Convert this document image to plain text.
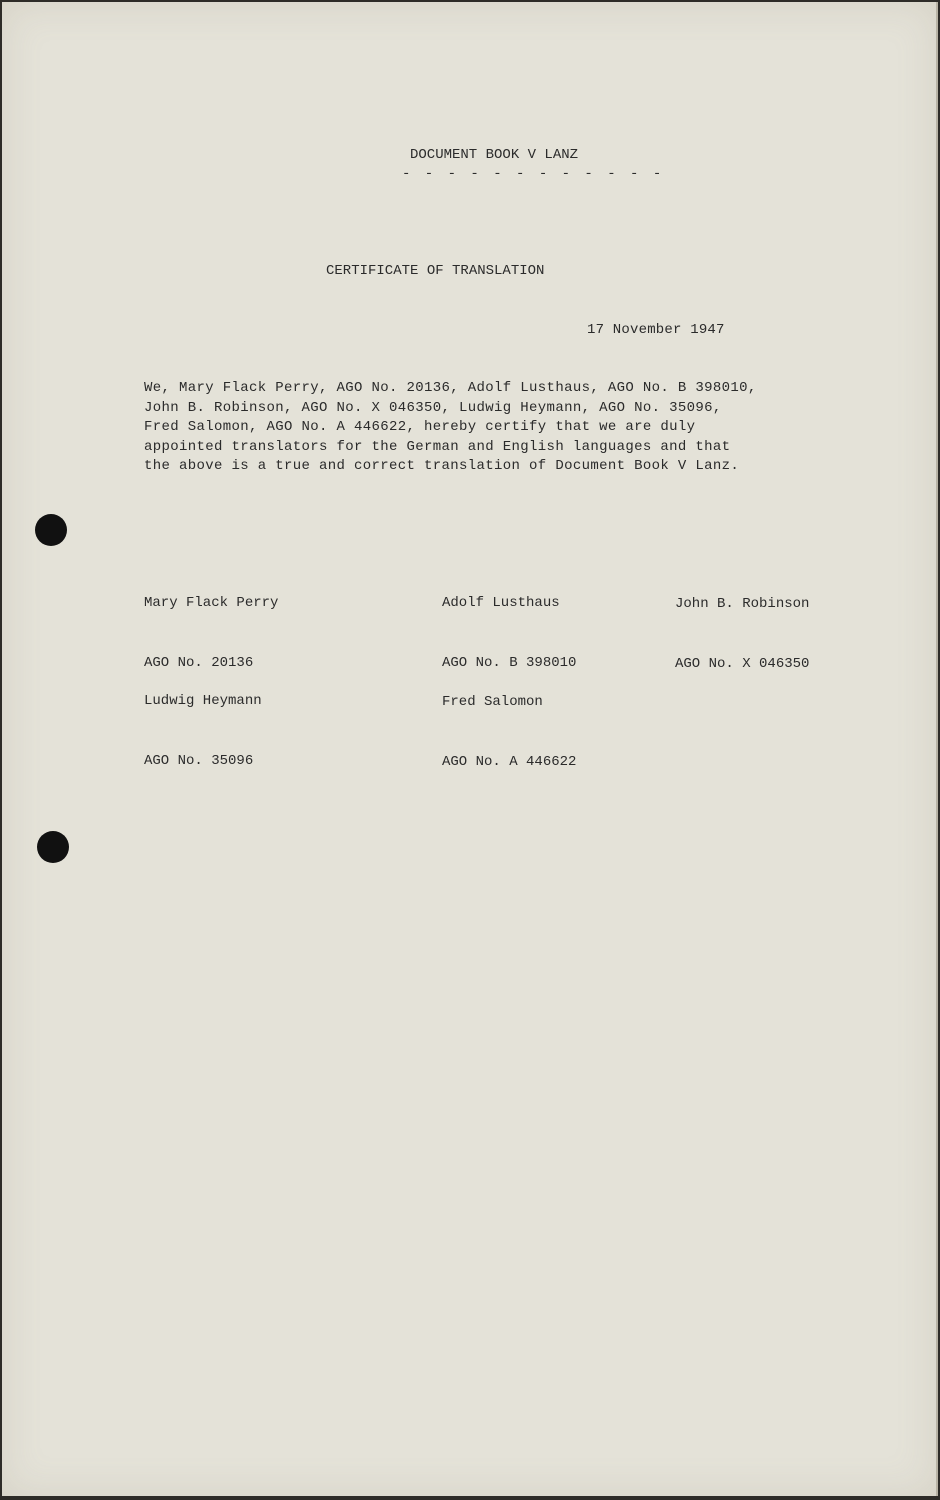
DOCUMENT BOOK V LANZ
- - - - - - - - - - - -
CERTIFICATE OF TRANSLATION
17 November 1947
We, Mary Flack Perry, AGO No. 20136, Adolf Lusthaus, AGO No. B 398010,
John B. Robinson, AGO No. X 046350, Ludwig Heymann, AGO No. 35096,
Fred Salomon, AGO No. A 446622, hereby certify that we are duly
appointed translators for the German and English languages and that
the above is a true and correct translation of Document Book V Lanz.

Mary Flack Perry

AGO No. 20136

Adolf Lusthaus

AGO No. B 398010

John B. Robinson

AGO No. X 046350

Ludwig Heymann

AGO No. 35096

Fred Salomon

AGO No. A 446622
